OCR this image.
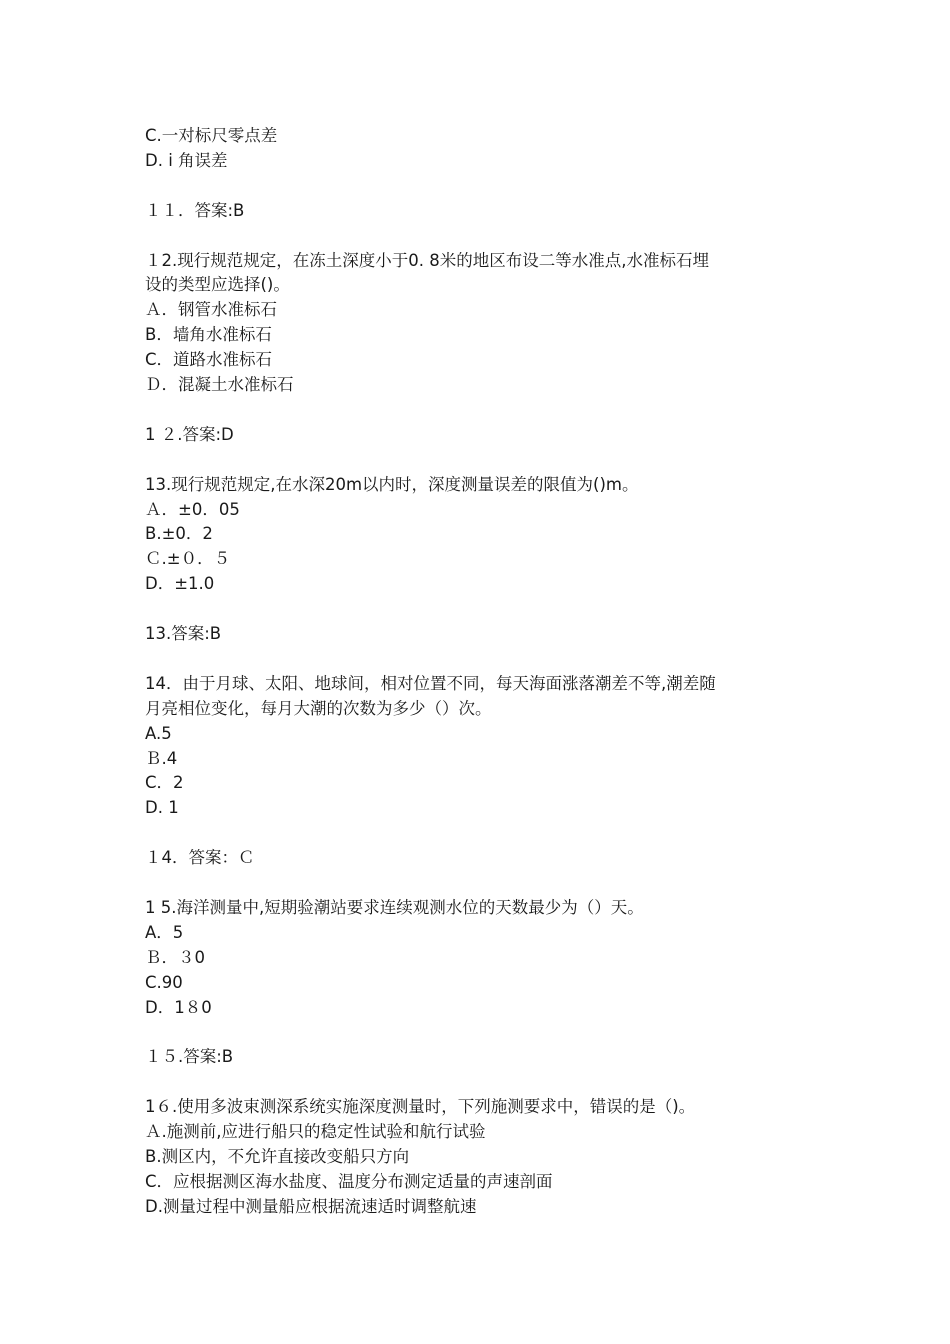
C.一对标尺零点差
D. i 角误差
１１．答案:B
１2.现行规范规定，在冻土深度小于0. 8米的地区布设二等水准点,水准标石埋
设的类型应选择()。
Ａ．钢管水准标石
B．墙角水准标石
C．道路水准标石
Ｄ．混凝土水准标石
1 ２.答案:D
13.现行规范规定,在水深20m以内时，深度测量误差的限值为()m。
Ａ．±0．05
B.±0．2
Ｃ.±０．５
D．±1.0
13.答案:B
14．由于月球、太阳、地球间，相对位置不同，每天海面涨落潮差不等,潮差随
月亮相位变化，每月大潮的次数为多少（）次。
A.5
Ｂ.4
C．2
D. 1
１4．答案：Ｃ
1 5.海洋测量中,短期验潮站要求连续观测水位的天数最少为（）天。
A．5
Ｂ．３0
C.90
D．1８0
１５.答案:B
1６.使用多波束测深系统实施深度测量时，下列施测要求中，错误的是（)。
Ａ.施测前,应进行船只的稳定性试验和航行试验
B.测区内，不允许直接改变船只方向
C．应根据测区海水盐度、温度分布测定适量的声速剖面
D.测量过程中测量船应根据流速适时调整航速
